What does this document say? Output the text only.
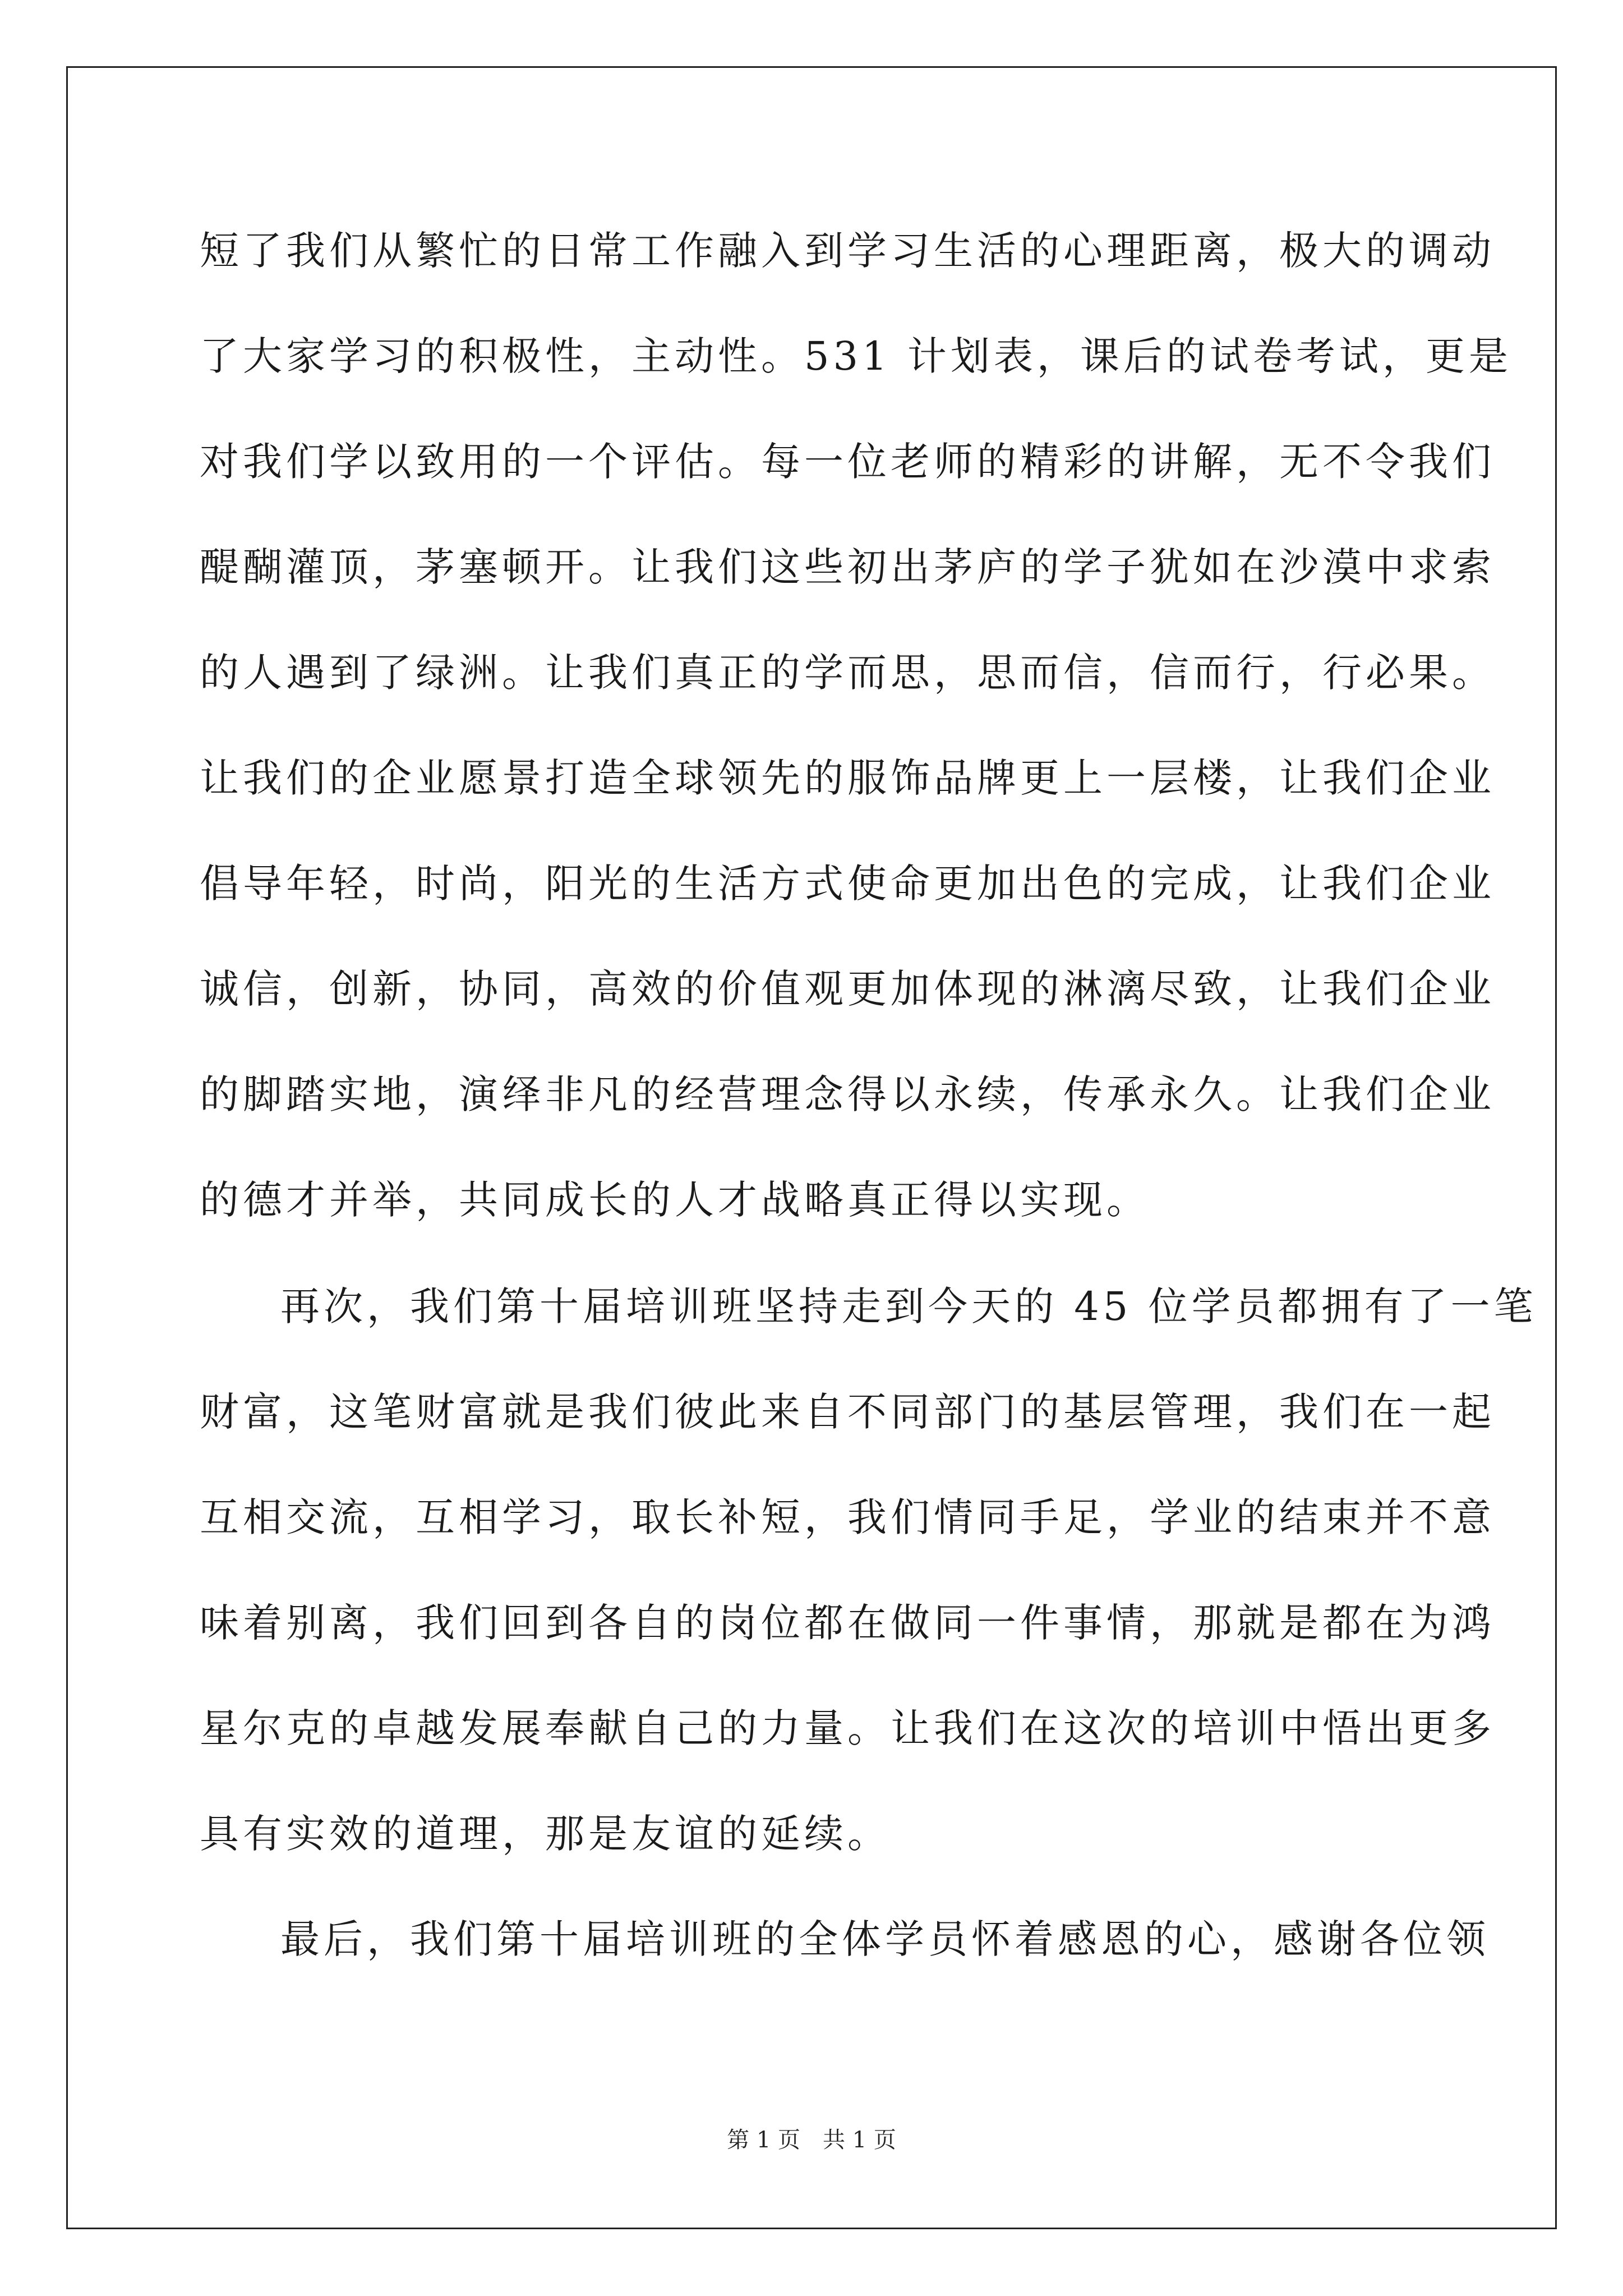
短了我们从繁忙的日常工作融入到学习生活的心理距离，极大的调动
了大家学习的积极性，主动性。531 计划表，课后的试卷考试，更是
对我们学以致用的一个评估。每一位老师的精彩的讲解，无不令我们
醍醐灌顶，茅塞顿开。让我们这些初出茅庐的学子犹如在沙漠中求索
的人遇到了绿洲。让我们真正的学而思，思而信，信而行，行必果。
让我们的企业愿景打造全球领先的服饰品牌更上一层楼，让我们企业
倡导年轻，时尚，阳光的生活方式使命更加出色的完成，让我们企业
诚信，创新，协同，高效的价值观更加体现的淋漓尽致，让我们企业
的脚踏实地，演绎非凡的经营理念得以永续，传承永久。让我们企业
的德才并举，共同成长的人才战略真正得以实现。
再次，我们第十届培训班坚持走到今天的 45 位学员都拥有了一笔
财富，这笔财富就是我们彼此来自不同部门的基层管理，我们在一起
互相交流，互相学习，取长补短，我们情同手足，学业的结束并不意
味着别离，我们回到各自的岗位都在做同一件事情，那就是都在为鸿
星尔克的卓越发展奉献自己的力量。让我们在这次的培训中悟出更多
具有实效的道理，那是友谊的延续。
最后，我们第十届培训班的全体学员怀着感恩的心，感谢各位领
第 1 页　共 1 页
